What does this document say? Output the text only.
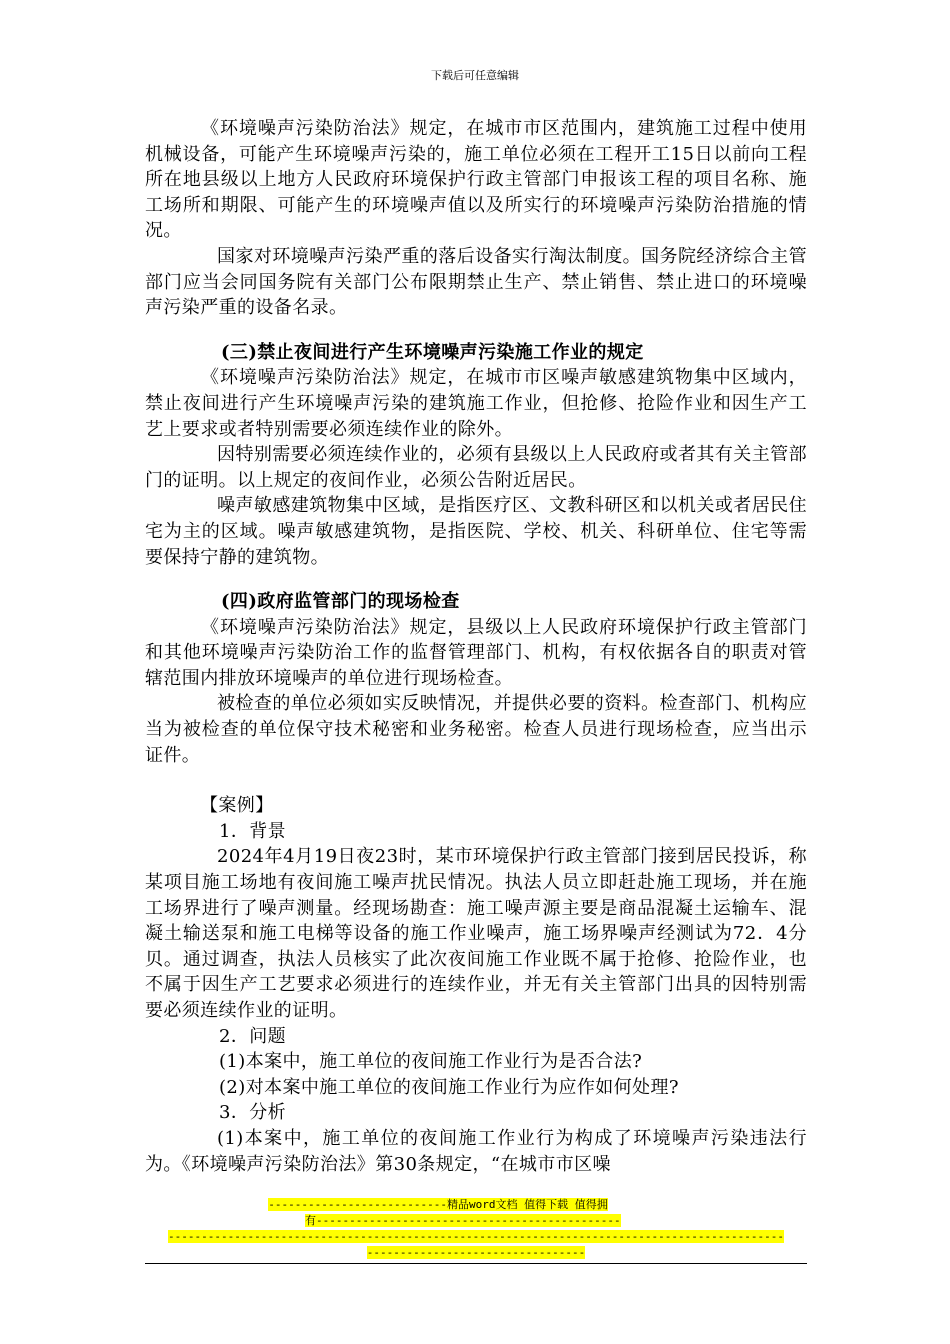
下载后可任意编辑

《环境噪声污染防治法》规定，在城市市区范围内，建筑施工过程中使用机械设备，可能产生环境噪声污染的，施工单位必须在工程开工15日以前向工程所在地县级以上地方人民政府环境保护行政主管部门申报该工程的项目名称、施工场所和期限、可能产生的环境噪声值以及所实行的环境噪声污染防治措施的情况。

国家对环境噪声污染严重的落后设备实行淘汰制度。国务院经济综合主管部门应当会同国务院有关部门公布限期禁止生产、禁止销售、禁止进口的环境噪声污染严重的设备名录。

(三)禁止夜间进行产生环境噪声污染施工作业的规定

《环境噪声污染防治法》规定，在城市市区噪声敏感建筑物集中区域内，禁止夜间进行产生环境噪声污染的建筑施工作业，但抢修、抢险作业和因生产工艺上要求或者特别需要必须连续作业的除外。

因特别需要必须连续作业的，必须有县级以上人民政府或者其有关主管部门的证明。以上规定的夜间作业，必须公告附近居民。

噪声敏感建筑物集中区域，是指医疗区、文教科研区和以机关或者居民住宅为主的区域。噪声敏感建筑物，是指医院、学校、机关、科研单位、住宅等需要保持宁静的建筑物。

(四)政府监管部门的现场检查

《环境噪声污染防治法》规定，县级以上人民政府环境保护行政主管部门和其他环境噪声污染防治工作的监督管理部门、机构，有权依据各自的职责对管辖范围内排放环境噪声的单位进行现场检查。

被检查的单位必须如实反映情况，并提供必要的资料。检查部门、机构应当为被检查的单位保守技术秘密和业务秘密。检查人员进行现场检查，应当出示证件。

【案例】

1．背景

2024年4月19日夜23时，某市环境保护行政主管部门接到居民投诉，称某项目施工场地有夜间施工噪声扰民情况。执法人员立即赶赴施工现场，并在施工场界进行了噪声测量。经现场勘查：施工噪声源主要是商品混凝土运输车、混凝土输送泵和施工电梯等设备的施工作业噪声，施工场界噪声经测试为72．4分贝。通过调查，执法人员核实了此次夜间施工作业既不属于抢修、抢险作业，也不属于因生产工艺要求必须进行的连续作业，并无有关主管部门出具的因特别需要必须连续作业的证明。

2．问题

(1)本案中，施工单位的夜间施工作业行为是否合法?

(2)对本案中施工单位的夜间施工作业行为应作如何处理?

3．分析

(1)本案中，施工单位的夜间施工作业行为构成了环境噪声污染违法行为。《环境噪声污染防治法》第30条规定，“在城市市区噪

---------------------------精品word文档 值得下载 值得拥
有----------------------------------------------
---------------------------------------------------------------------------------------------
---------------------------------
